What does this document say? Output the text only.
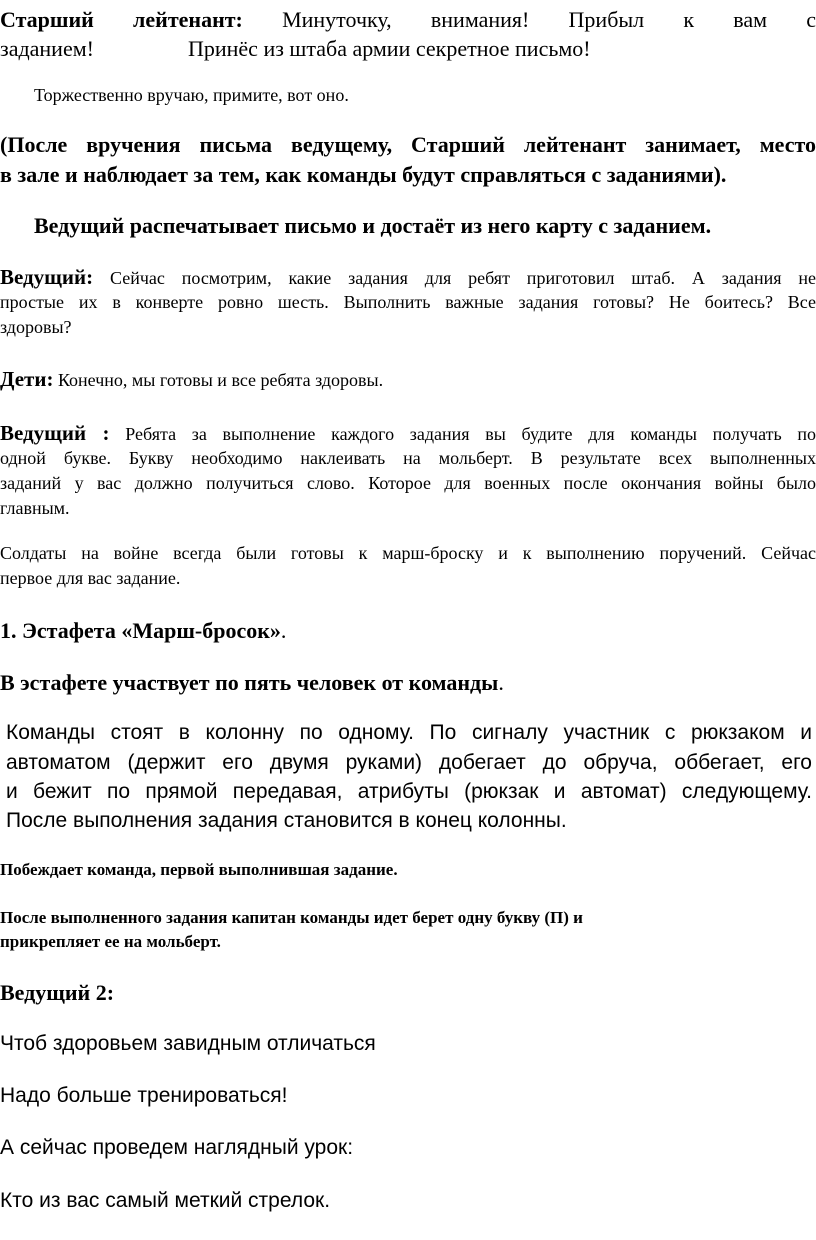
Старший лейтенант: Минуточку, внимания! Прибыл к вам с
заданием!	Принёс из штаба армии секретное письмо!

Торжественно вручаю, примите, вот оно.

(После вручения письма ведущему, Старший лейтенант занимает, место
в зале и наблюдает за тем, как команды будут справляться с заданиями).

Ведущий распечатывает письмо и достаёт из него карту с заданием.

Ведущий: Сейчас посмотрим, какие задания для ребят приготовил штаб. А задания не
простые их в конверте ровно шесть. Выполнить важные задания готовы? Не боитесь? Все
здоровы?
Дети: Конечно, мы готовы и все ребята здоровы.
Ведущий : Ребята за выполнение каждого задания вы будите для команды получать по
одной букве. Букву необходимо наклеивать на мольберт. В результате всех выполненных
заданий у вас должно получиться слово. Которое для военных после окончания войны было
главным.
Солдаты на войне всегда были готовы к марш-броску и к выполнению поручений. Сейчас
первое для вас задание.
1. Эстафета «Марш-бросок».
В эстафете участвует по пять человек от команды.
Команды стоят в колонну по одному. По сигналу участник с рюкзаком и
автоматом (держит его двумя руками) добегает до обруча, оббегает, его
и бежит по прямой передавая, атрибуты (рюкзак и автомат) следующему.
После выполнения задания становится в конец колонны.

Побеждает команда, первой выполнившая задание.

После выполненного задания капитан команды идет берет одну букву (П) и
прикрепляет ее на мольберт.

Ведущий 2:

Чтоб здоровьем завидным отличаться

Надо больше тренироваться!

А сейчас проведем наглядный урок:

Кто из вас самый меткий стрелок.
